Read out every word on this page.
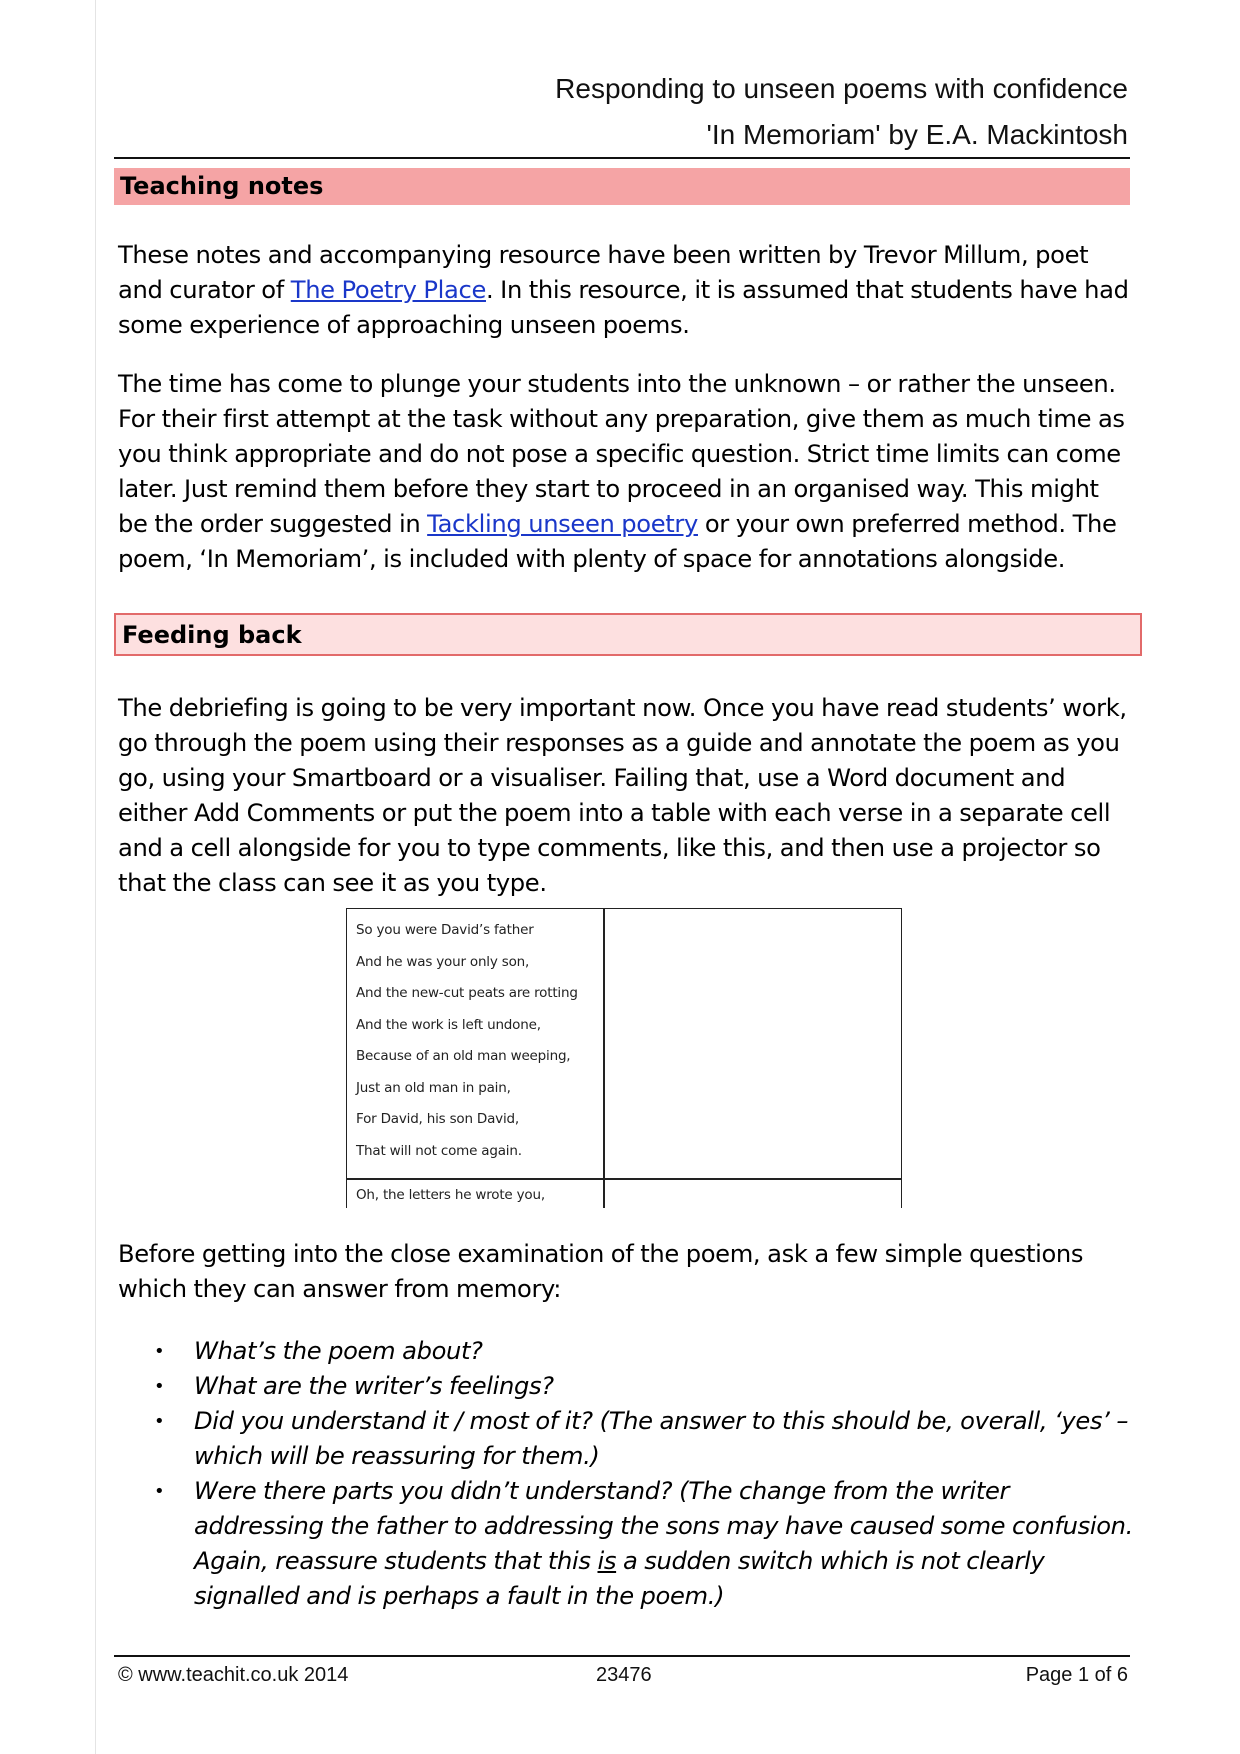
Responding to unseen poems with confidence
'In Memoriam' by E.A. Mackintosh
Teaching notes
These notes and accompanying resource have been written by Trevor Millum, poet and curator of The Poetry Place. In this resource, it is assumed that students have had some experience of approaching unseen poems.
The time has come to plunge your students into the unknown – or rather the unseen. For their first attempt at the task without any preparation, give them as much time as you think appropriate and do not pose a specific question. Strict time limits can come later. Just remind them before they start to proceed in an organised way. This might be the order suggested in Tackling unseen poetry or your own preferred method. The poem, ‘In Memoriam’, is included with plenty of space for annotations alongside.
Feeding back
The debriefing is going to be very important now. Once you have read students’ work, go through the poem using their responses as a guide and annotate the poem as you go, using your Smartboard or a visualiser. Failing that, use a Word document and either Add Comments or put the poem into a table with each verse in a separate cell and a cell alongside for you to type comments, like this, and then use a projector so that the class can see it as you type.
So you were David’s father
And he was your only son,
And the new-cut peats are rotting
And the work is left undone,
Because of an old man weeping,
Just an old man in pain,
For David, his son David,
That will not come again.
Oh, the letters he wrote you,
Before getting into the close examination of the poem, ask a few simple questions which they can answer from memory:
• What’s the poem about?
• What are the writer’s feelings?
• Did you understand it / most of it? (The answer to this should be, overall, ‘yes’ – which will be reassuring for them.)
• Were there parts you didn’t understand? (The change from the writer addressing the father to addressing the sons may have caused some confusion. Again, reassure students that this is a sudden switch which is not clearly signalled and is perhaps a fault in the poem.)
© www.teachit.co.uk 2014	23476	Page 1 of 6
